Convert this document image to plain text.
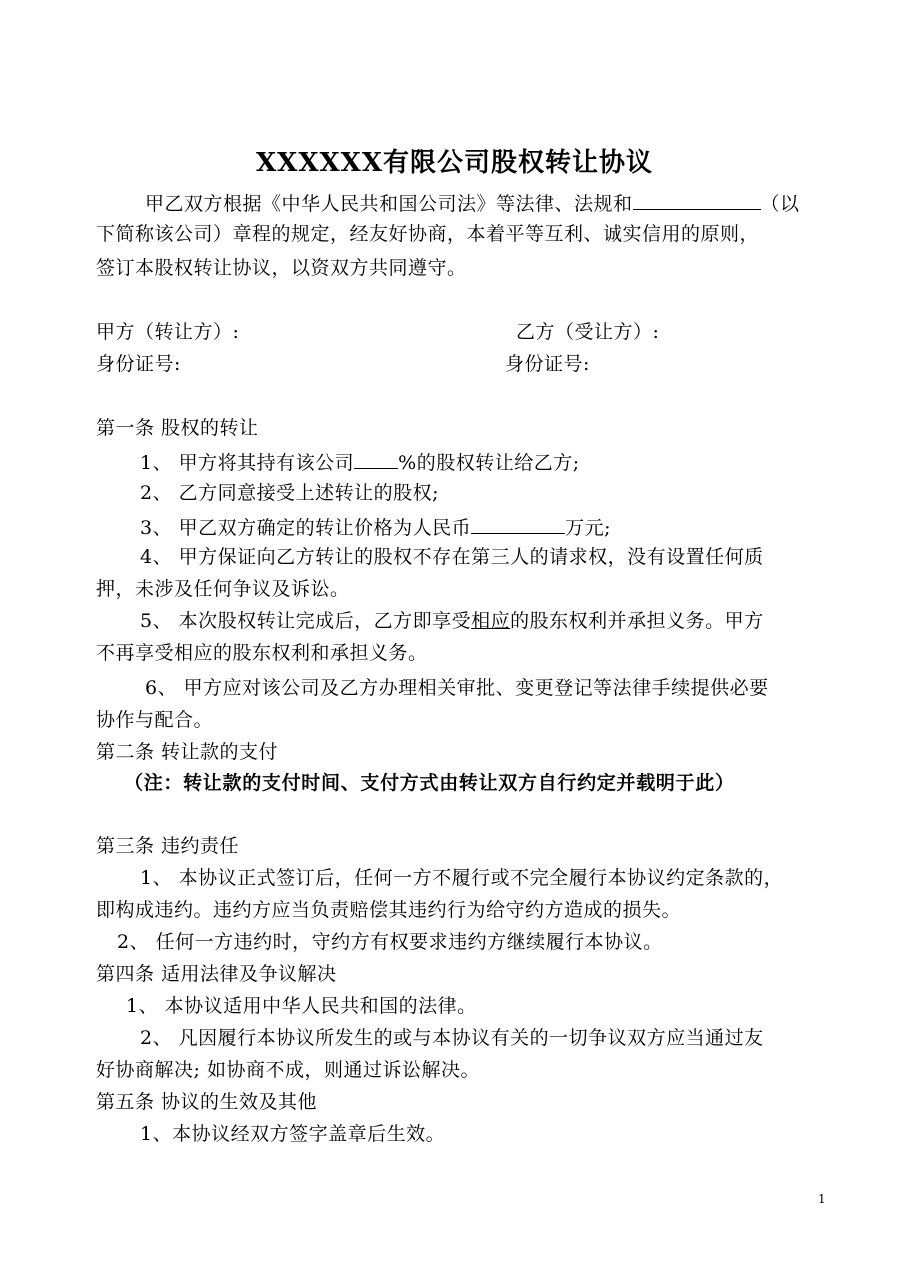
XXXXXX有限公司股权转让协议
甲乙双方根据《中华人民共和国公司法》等法律、法规和	（以
下简称该公司）章程的规定，经友好协商，本着平等互利、诚实信用的原则，
签订本股权转让协议，以资双方共同遵守。
甲方（转让方）:	乙方（受让方）:
身份证号:	身份证号:
第一条 股权的转让
1、 甲方将其持有该公司 %的股权转让给乙方;
2、 乙方同意接受上述转让的股权;
3、 甲乙双方确定的转让价格为人民币	万元;
4、 甲方保证向乙方转让的股权不存在第三人的请求权，没有设置任何质
押，未涉及任何争议及诉讼。
5、 本次股权转让完成后，乙方即享受相应的股东权利并承担义务。甲方
不再享受相应的股东权利和承担义务。
6、 甲方应对该公司及乙方办理相关审批、变更登记等法律手续提供必要
协作与配合。
第二条 转让款的支付
（注：转让款的支付时间、支付方式由转让双方自行约定并载明于此）
第三条 违约责任
1、 本协议正式签订后，任何一方不履行或不完全履行本协议约定条款的，
即构成违约。违约方应当负责赔偿其违约行为给守约方造成的损失。
2、 任何一方违约时，守约方有权要求违约方继续履行本协议。
第四条 适用法律及争议解决
1、 本协议适用中华人民共和国的法律。
2、 凡因履行本协议所发生的或与本协议有关的一切争议双方应当通过友
好协商解决; 如协商不成，则通过诉讼解决。
第五条 协议的生效及其他
1、本协议经双方签字盖章后生效。
1
